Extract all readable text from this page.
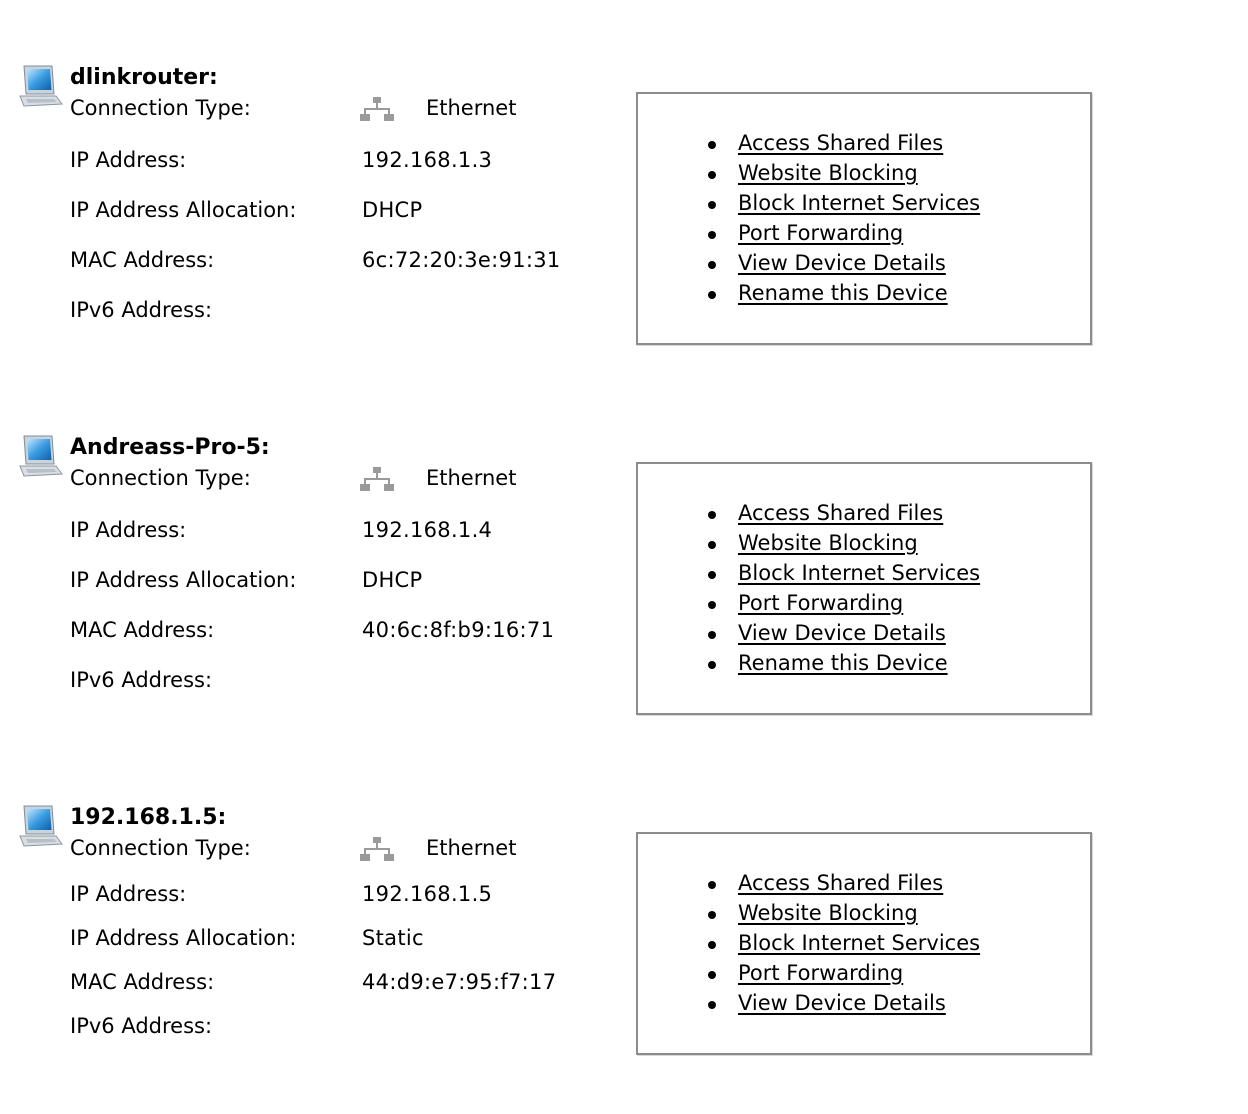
dlinkrouter:
Connection Type:	Ethernet
IP Address:	192.168.1.3
IP Address Allocation:	DHCP
MAC Address:	6c:72:20:3e:91:31
IPv6 Address:
Access Shared Files
Website Blocking
Block Internet Services
Port Forwarding
View Device Details
Rename this Device
Andreass-Pro-5:
Connection Type:	Ethernet
IP Address:	192.168.1.4
IP Address Allocation:	DHCP
MAC Address:	40:6c:8f:b9:16:71
IPv6 Address:
Access Shared Files
Website Blocking
Block Internet Services
Port Forwarding
View Device Details
Rename this Device
192.168.1.5:
Connection Type:	Ethernet
IP Address:	192.168.1.5
IP Address Allocation:	Static
MAC Address:	44:d9:e7:95:f7:17
IPv6 Address:
Access Shared Files
Website Blocking
Block Internet Services
Port Forwarding
View Device Details
